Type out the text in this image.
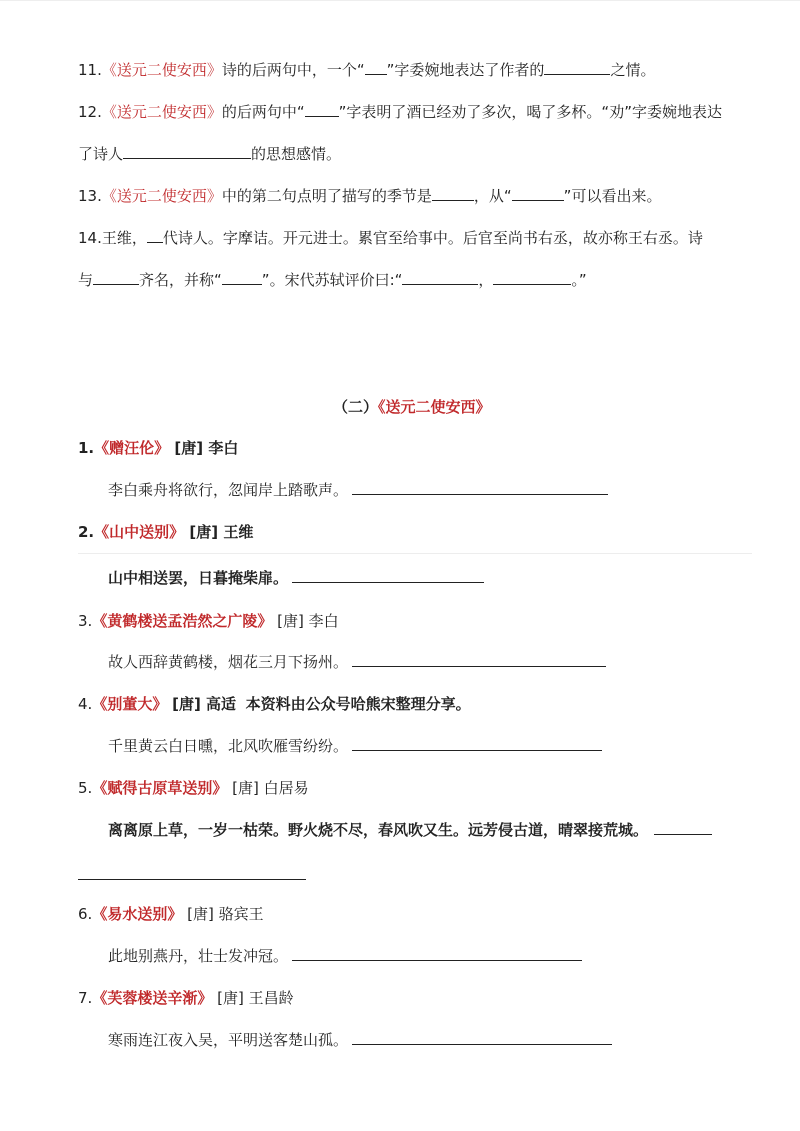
11.《送元二使安西》诗的后两句中，一个“ ”字委婉地表达了作者的	之情。
12.《送元二使安西》的后两句中“ ”字表明了酒已经劝了多次，喝了多杯。“劝”字委婉地表达
了诗人	的思想感情。
13.《送元二使安西》中的第二句点明了描写的季节是	，从“	”可以看出来。
14.王维， 代诗人。字摩诘。开元进士。累官至给事中。后官至尚书右丞，故亦称王右丞。诗
与	齐名，并称“	”。宋代苏轼评价曰:“	，	。”
（二）《送元二使安西》
1.《赠汪伦》 [唐] 李白
李白乘舟将欲行，忽闻岸上踏歌声。
2.《山中送别》 [唐] 王维
山中相送罢，日暮掩柴扉。
3.《黄鹤楼送孟浩然之广陵》 [唐] 李白
故人西辞黄鹤楼，烟花三月下扬州。
4.《别董大》 [唐] 高适 本资料由公众号哈熊宋整理分享。
千里黄云白日曛，北风吹雁雪纷纷。
5.《赋得古原草送别》 [唐] 白居易
离离原上草，一岁一枯荣。野火烧不尽，春风吹又生。远芳侵古道，晴翠接荒城。
6.《易水送别》 [唐] 骆宾王
此地别燕丹，壮士发冲冠。
7.《芙蓉楼送辛渐》 [唐] 王昌龄
寒雨连江夜入吴，平明送客楚山孤。
